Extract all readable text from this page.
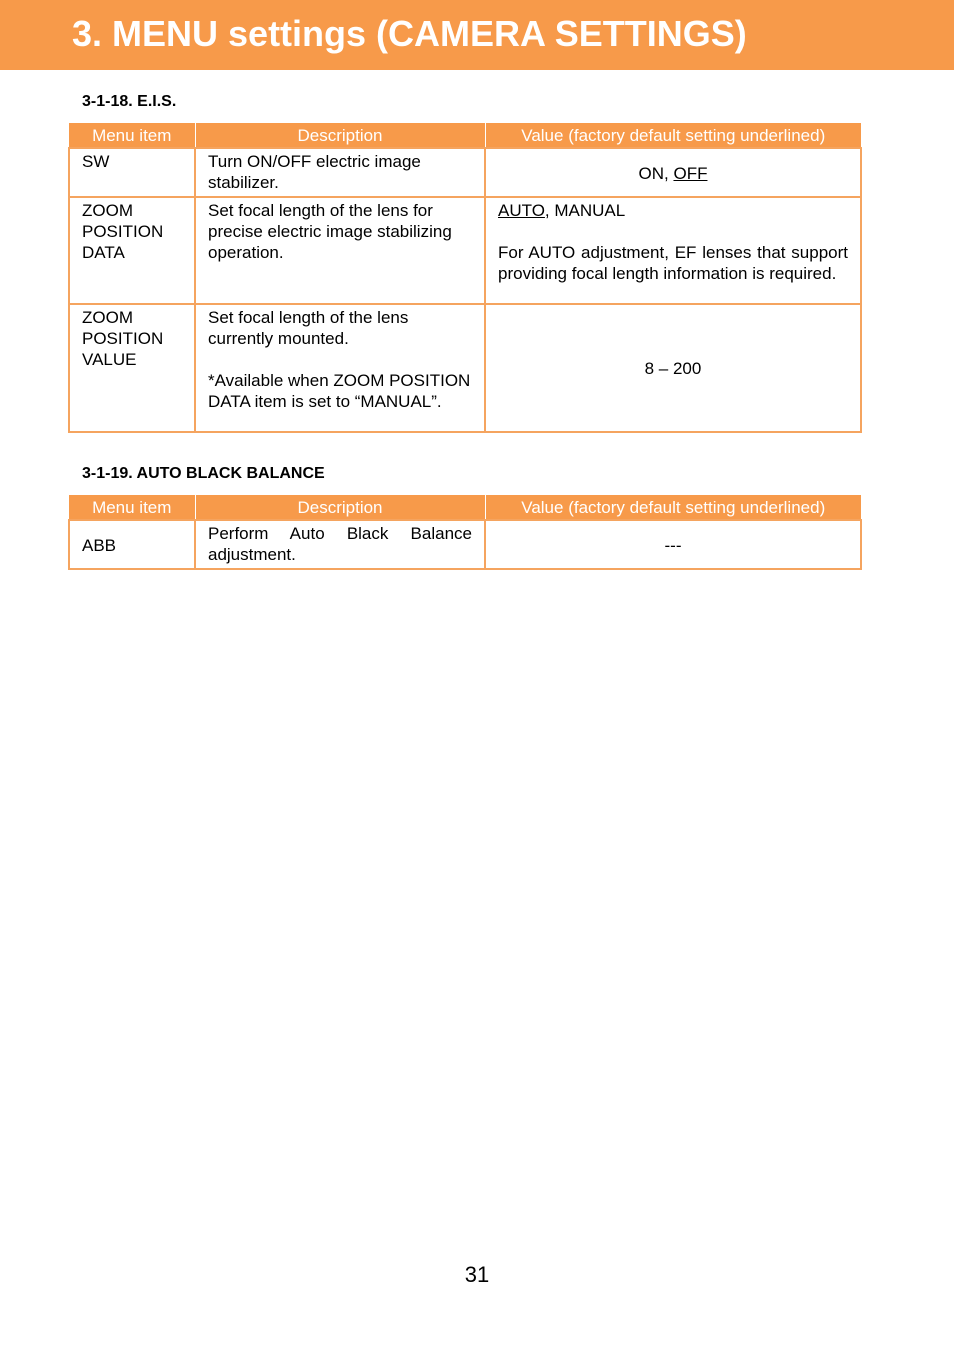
3. MENU settings (CAMERA SETTINGS)
3-1-18. E.I.S.
Menu item	Description	Value (factory default setting underlined)
SW	Turn ON/OFF electric image stabilizer.	ON, OFF
ZOOM POSITION DATA	Set focal length of the lens for precise electric image stabilizing operation.	AUTO, MANUAL
For AUTO adjustment, EF lenses that support providing focal length information is required.

ZOOM POSITION VALUE	Set focal length of the lens currently mounted.
*Available when ZOOM POSITION DATA item is set to “MANUAL”.	8 – 200
3-1-19. AUTO BLACK BALANCE
Menu item	Description	Value (factory default setting underlined)
ABB	Perform Auto Black Balance adjustment.	---
31
